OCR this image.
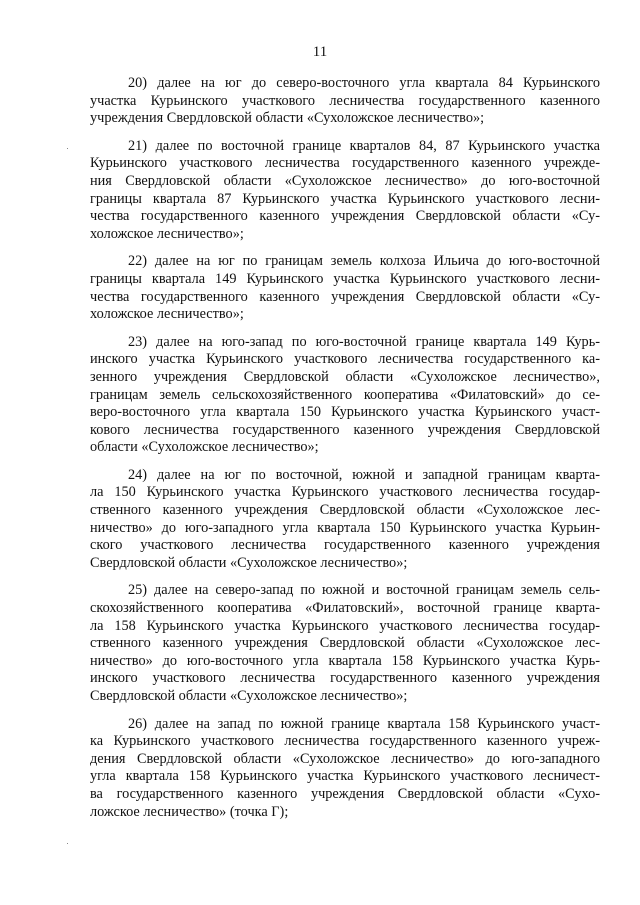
11
20) далее на юг до северо-восточного угла квартала 84 Курьинского
участка Курьинского участкового лесничества государственного казенного
учреждения Свердловской области «Сухоложское лесничество»;
21) далее по восточной границе кварталов 84, 87 Курьинского участка
Курьинского участкового лесничества государственного казенного учрежде-
ния Свердловской области «Сухоложское лесничество» до юго-восточной
границы квартала 87 Курьинского участка Курьинского участкового лесни-
чества государственного казенного учреждения Свердловской области «Су-
холожское лесничество»;
22) далее на юг по границам земель колхоза Ильича до юго-восточной
границы квартала 149 Курьинского участка Курьинского участкового лесни-
чества государственного казенного учреждения Свердловской области «Су-
холожское лесничество»;
23) далее на юго-запад по юго-восточной границе квартала 149 Курь-
инского участка Курьинского участкового лесничества государственного ка-
зенного учреждения Свердловской области «Сухоложское лесничество»,
границам земель сельскохозяйственного кооператива «Филатовский» до се-
веро-восточного угла квартала 150 Курьинского участка Курьинского участ-
кового лесничества государственного казенного учреждения Свердловской
области «Сухоложское лесничество»;
24) далее на юг по восточной, южной и западной границам кварта-
ла 150 Курьинского участка Курьинского участкового лесничества государ-
ственного казенного учреждения Свердловской области «Сухоложское лес-
ничество» до юго-западного угла квартала 150 Курьинского участка Курьин-
ского участкового лесничества государственного казенного учреждения
Свердловской области «Сухоложское лесничество»;
25) далее на северо-запад по южной и восточной границам земель сель-
скохозяйственного кооператива «Филатовский», восточной границе кварта-
ла 158 Курьинского участка Курьинского участкового лесничества государ-
ственного казенного учреждения Свердловской области «Сухоложское лес-
ничество» до юго-восточного угла квартала 158 Курьинского участка Курь-
инского участкового лесничества государственного казенного учреждения
Свердловской области «Сухоложское лесничество»;
26) далее на запад по южной границе квартала 158 Курьинского участ-
ка Курьинского участкового лесничества государственного казенного учреж-
дения Свердловской области «Сухоложское лесничество» до юго-западного
угла квартала 158 Курьинского участка Курьинского участкового лесничест-
ва государственного казенного учреждения Свердловской области «Сухо-
ложское лесничество» (точка Г);
